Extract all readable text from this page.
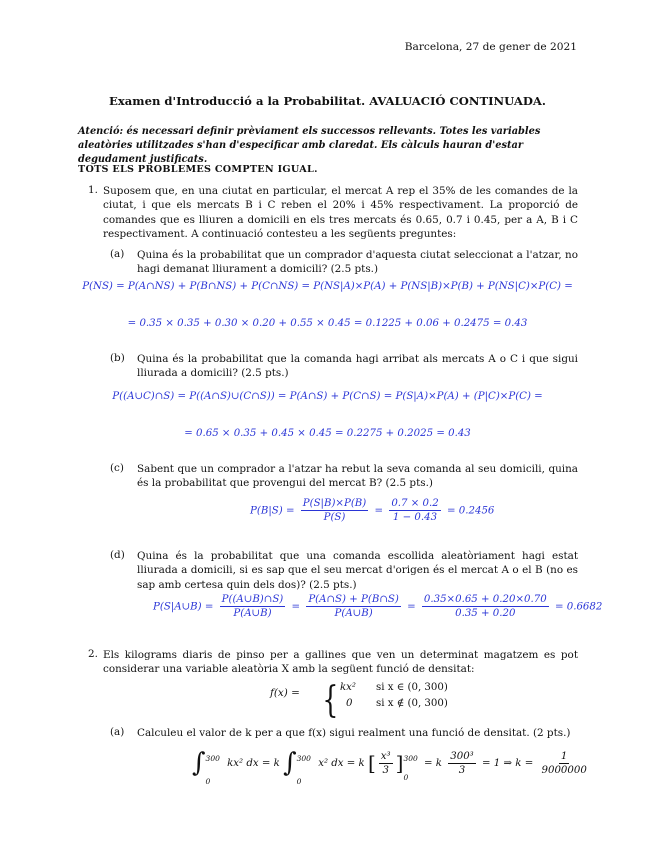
Barcelona, 27 de gener de 2021
Examen d'Introducció a la Probabilitat. AVALUACIÓ CONTINUADA.
Atenció: és necessari definir prèviament els successos rellevants. Totes les variables aleatòries utilitzades s'han d'especificar amb claredat. Els càlculs hauran d'estar degudament justificats.
TOTS ELS PROBLEMES COMPTEN IGUAL.
1. Suposem que, en una ciutat en particular, el mercat A rep el 35% de les comandes de la ciutat, i que els mercats B i C reben el 20% i 45% respectivament. La proporció de comandes que es lliuren a domicili en els tres mercats és 0.65, 0.7 i 0.45, per a A, B i C respectivament. A continuació contesteu a les següents preguntes:
(a) Quina és la probabilitat que un comprador d'aquesta ciutat seleccionat a l'atzar, no hagi demanat lliurament a domicili? (2.5 pts.)
P(NS) = P(A∩NS) + P(B∩NS) + P(C∩NS) = P(NS|A)×P(A) + P(NS|B)×P(B) + P(NS|C)×P(C) =
= 0.35 × 0.35 + 0.30 × 0.20 + 0.55 × 0.45 = 0.1225 + 0.06 + 0.2475 = 0.43
(b) Quina és la probabilitat que la comanda hagi arribat als mercats A o C i que sigui lliurada a domicili? (2.5 pts.)
P((A∪C)∩S) = P((A∩S)∪(C∩S)) = P(A∩S) + P(C∩S) = P(S|A)×P(A) + (P|C)×P(C) =
= 0.65 × 0.35 + 0.45 × 0.45 = 0.2275 + 0.2025 = 0.43
(c) Sabent que un comprador a l'atzar ha rebut la seva comanda al seu domicili, quina és la probabilitat que provengui del mercat B? (2.5 pts.)
$P(B|S) = \frac{P(S|B)\times P(B)}{P(S)} = \frac{0.7 \times 0.2}{1 - 0.43} = 0.2456$
(d) Quina és la probabilitat que una comanda escollida aleatòriament hagi estat lliurada a domicili, si es sap que el seu mercat d'origen és el mercat A o el B (no es sap amb certesa quin dels dos)? (2.5 pts.)
P(S|A∪B) = $\frac{P((A\cup B)\cap S)}{P(A\cup B)} = \frac{P(A\cap S) + P(B\cap S)}{P(A\cup B)} = \frac{0.35\times 0.65 + 0.20\times 0.70}{0.35 + 0.20} = 0.6682$
2. Els kilograms diaris de pinso per a gallines que ven un determinat magatzem es pot considerar una variable aleatòria X amb la següent funció de densitat:
f(x) = { kx² si x ∈ (0, 300)
0 si x ∉ (0, 300)
(a) Calculeu el valor de k per a que f(x) sigui realment una funció de densitat. (2 pts.)
∫ 300
0
kx² dx = k ∫ 300
0
x² dx = k [ $\frac{\text{x³}}{3}$ ] 300
0
= k $\frac{\text{300³}}{3} = 1$ ⇒ $k = \frac{1}{9000000}$
